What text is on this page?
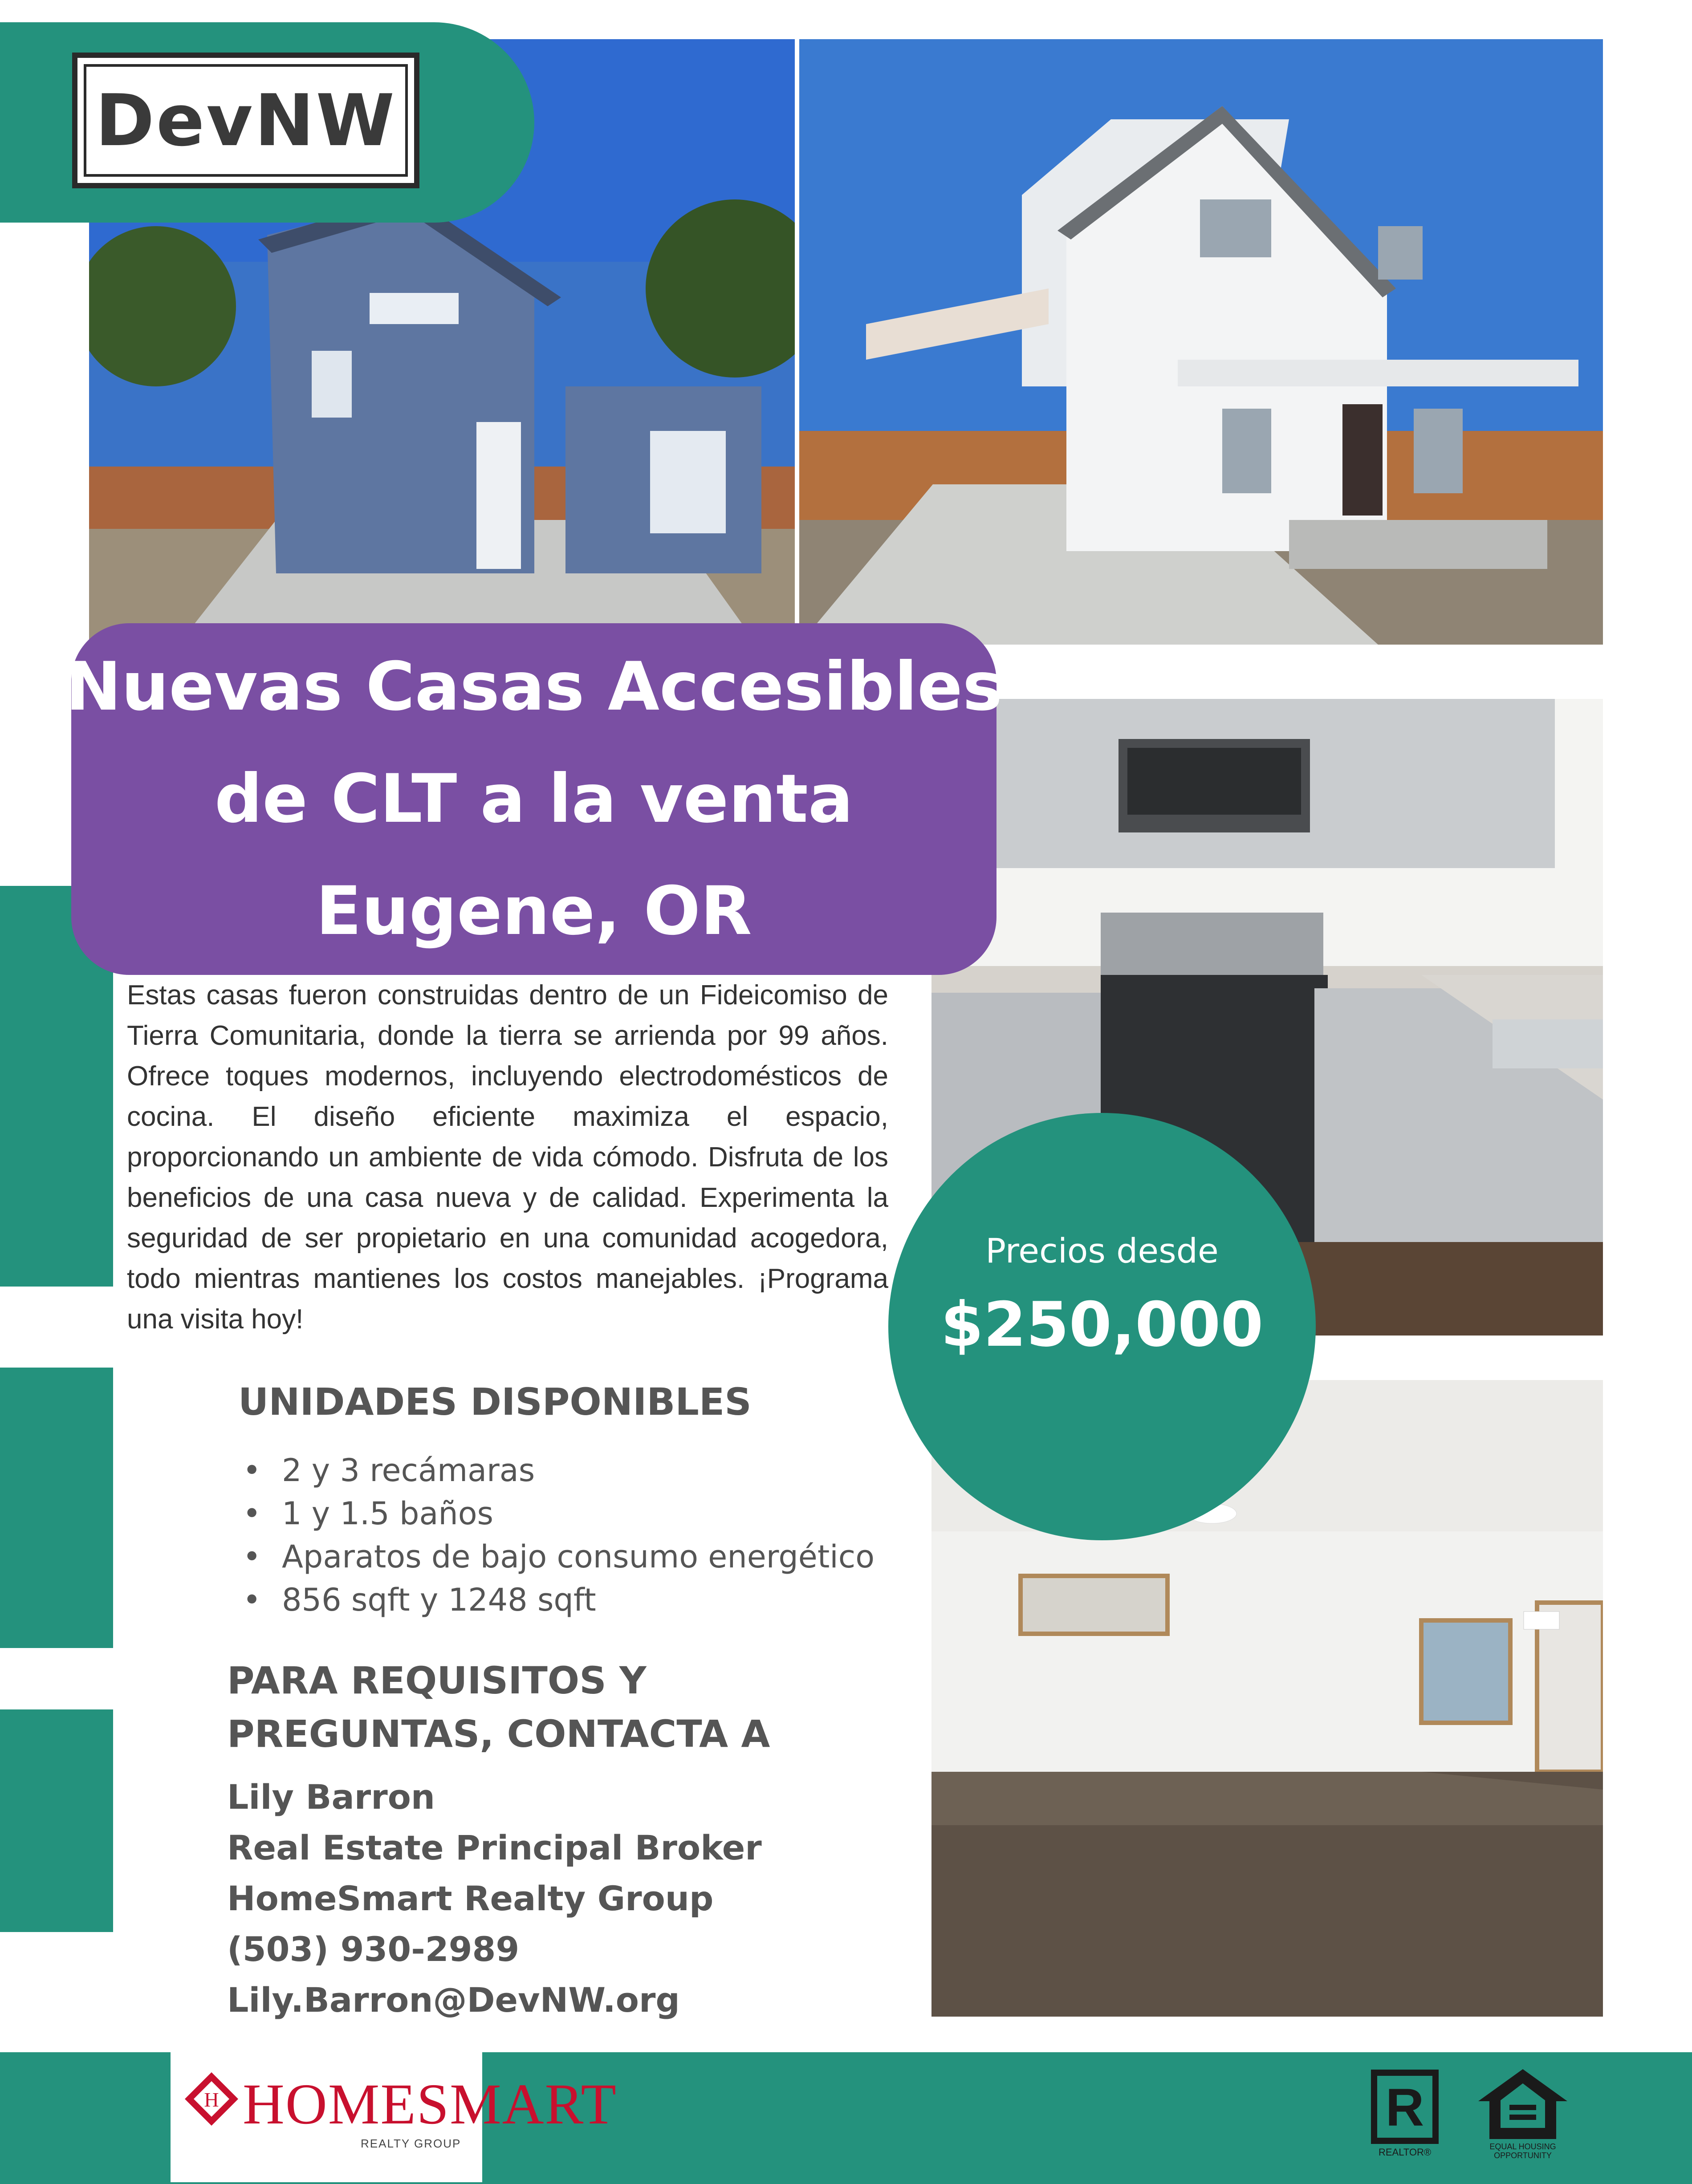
DevNW
Nuevas Casas Accesibles
de CLT a la venta
Eugene, OR
Estas casas fueron construidas dentro de un Fideicomiso de Tierra Comunitaria, donde la tierra se arrienda por 99 años. Ofrece toques modernos, incluyendo electrodomésticos de cocina. El diseño eficiente maximiza el espacio, proporcionando un ambiente de vida cómodo. Disfruta de los beneficios de una casa nueva y de calidad. Experimenta la seguridad de ser propietario en una comunidad acogedora, todo mientras mantienes los costos manejables. ¡Programa una visita hoy!
Precios desde
$250,000
UNIDADES DISPONIBLES
• 2 y 3 recámaras
• 1 y 1.5 baños
• Aparatos de bajo consumo energético
• 856 sqft y 1248 sqft
PARA REQUISITOS Y
PREGUNTAS, CONTACTA A
Lily Barron
Real Estate Principal Broker
HomeSmart Realty Group
(503) 930-2989
Lily.Barron@DevNW.org
H HOMESMART
REALTY GROUP
R
REALTOR®	EQUAL HOUSING OPPORTUNITY
